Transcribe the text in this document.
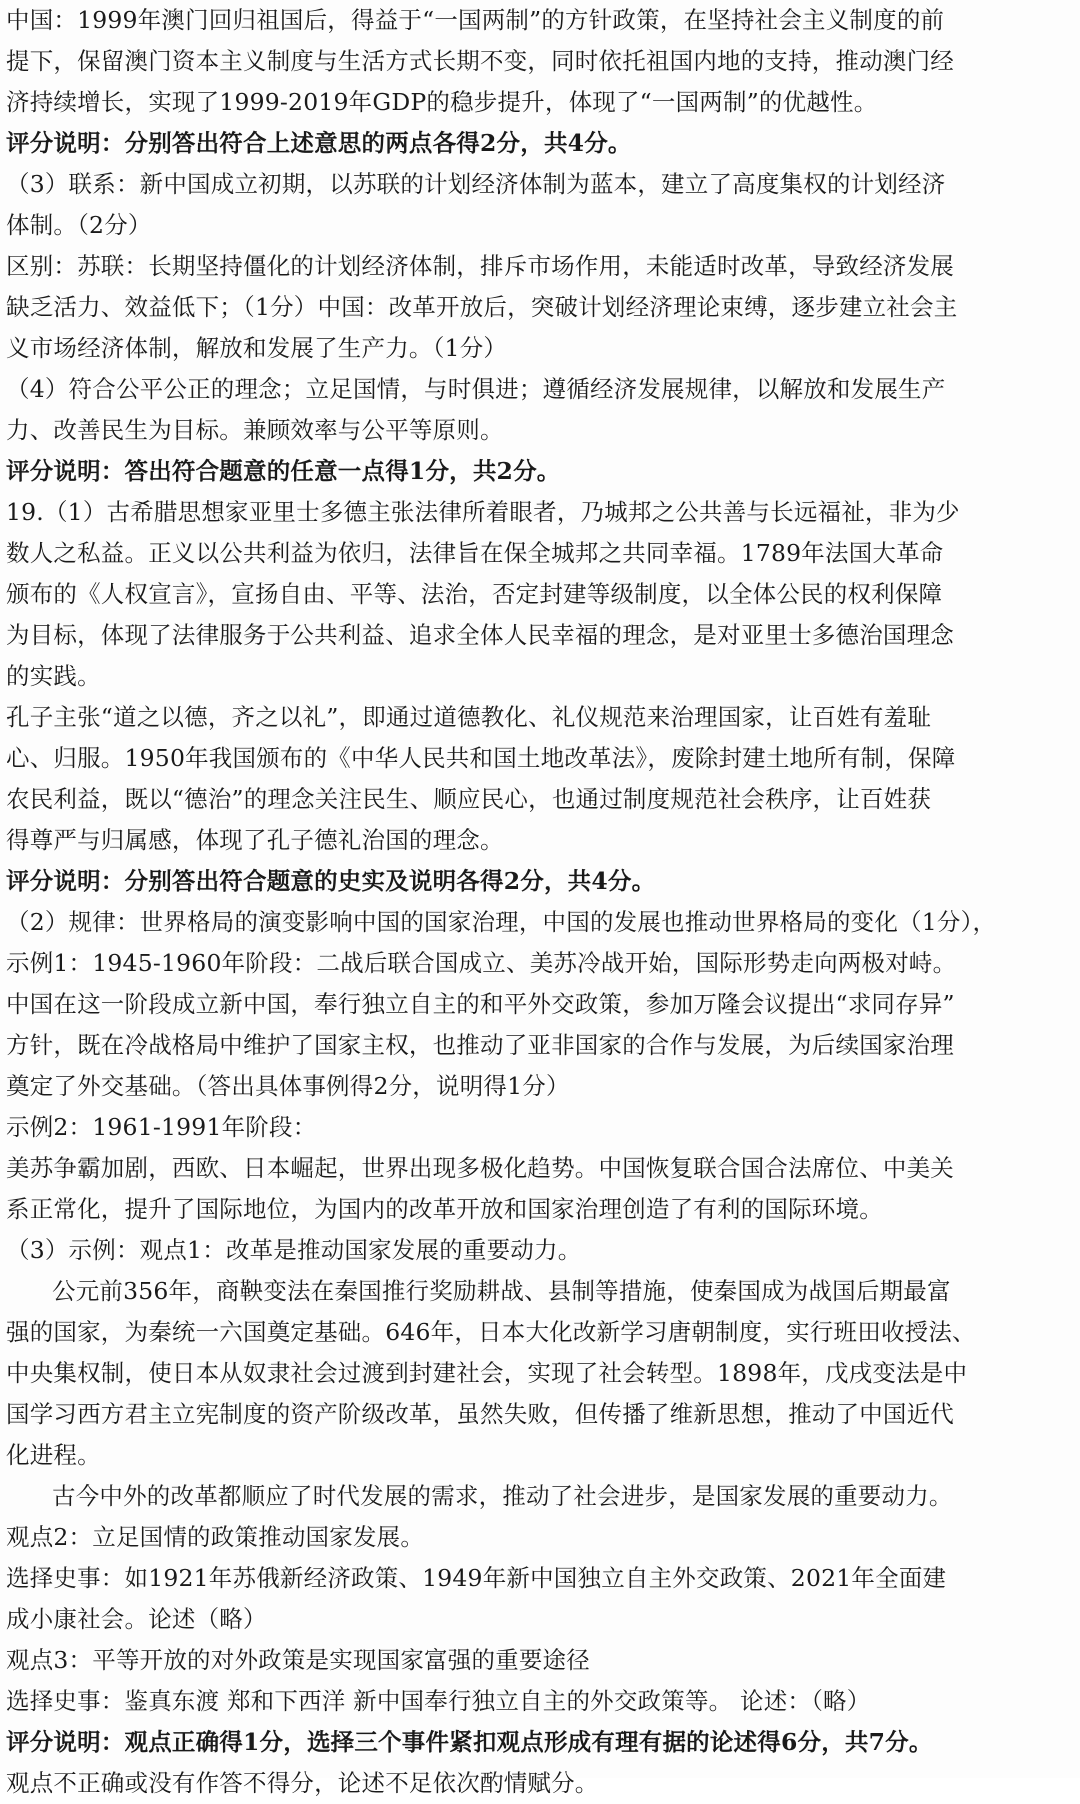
中国：1999年澳门回归祖国后，得益于“一国两制”的方针政策，在坚持社会主义制度的前
提下，保留澳门资本主义制度与生活方式长期不变，同时依托祖国内地的支持，推动澳门经
济持续增长，实现了1999-2019年GDP的稳步提升，体现了“一国两制”的优越性。
评分说明：分别答出符合上述意思的两点各得2分，共4分。
（3）联系：新中国成立初期，以苏联的计划经济体制为蓝本，建立了高度集权的计划经济
体制。（2分）
区别：苏联：长期坚持僵化的计划经济体制，排斥市场作用，未能适时改革，导致经济发展
缺乏活力、效益低下；（1分）中国：改革开放后，突破计划经济理论束缚，逐步建立社会主
义市场经济体制，解放和发展了生产力。（1分）
（4）符合公平公正的理念；立足国情，与时俱进；遵循经济发展规律，以解放和发展生产
力、改善民生为目标。兼顾效率与公平等原则。
评分说明：答出符合题意的任意一点得1分，共2分。
19.（1）古希腊思想家亚里士多德主张法律所着眼者，乃城邦之公共善与长远福祉，非为少
数人之私益。正义以公共利益为依归，法律旨在保全城邦之共同幸福。1789年法国大革命
颁布的《人权宣言》，宣扬自由、平等、法治，否定封建等级制度，以全体公民的权利保障
为目标，体现了法律服务于公共利益、追求全体人民幸福的理念，是对亚里士多德治国理念
的实践。
孔子主张“道之以德，齐之以礼”，即通过道德教化、礼仪规范来治理国家，让百姓有羞耻
心、归服。1950年我国颁布的《中华人民共和国土地改革法》，废除封建土地所有制，保障
农民利益，既以“德治”的理念关注民生、顺应民心，也通过制度规范社会秩序，让百姓获
得尊严与归属感，体现了孔子德礼治国的理念。
评分说明：分别答出符合题意的史实及说明各得2分，共4分。
（2）规律：世界格局的演变影响中国的国家治理，中国的发展也推动世界格局的变化（1分），
示例1：1945-1960年阶段：二战后联合国成立、美苏冷战开始，国际形势走向两极对峙。
中国在这一阶段成立新中国，奉行独立自主的和平外交政策，参加万隆会议提出“求同存异”
方针，既在冷战格局中维护了国家主权，也推动了亚非国家的合作与发展，为后续国家治理
奠定了外交基础。（答出具体事例得2分，说明得1分）
示例2：1961-1991年阶段：
美苏争霸加剧，西欧、日本崛起，世界出现多极化趋势。中国恢复联合国合法席位、中美关
系正常化，提升了国际地位，为国内的改革开放和国家治理创造了有利的国际环境。
（3）示例：观点1：改革是推动国家发展的重要动力。
公元前356年，商鞅变法在秦国推行奖励耕战、县制等措施，使秦国成为战国后期最富
强的国家，为秦统一六国奠定基础。646年，日本大化改新学习唐朝制度，实行班田收授法、
中央集权制，使日本从奴隶社会过渡到封建社会，实现了社会转型。1898年，戊戌变法是中
国学习西方君主立宪制度的资产阶级改革，虽然失败，但传播了维新思想，推动了中国近代
化进程。
古今中外的改革都顺应了时代发展的需求，推动了社会进步，是国家发展的重要动力。
观点2：立足国情的政策推动国家发展。
选择史事：如1921年苏俄新经济政策、1949年新中国独立自主外交政策、2021年全面建
成小康社会。论述（略）
观点3：平等开放的对外政策是实现国家富强的重要途径
选择史事：鉴真东渡 郑和下西洋 新中国奉行独立自主的外交政策等。 论述：（略）
评分说明：观点正确得1分，选择三个事件紧扣观点形成有理有据的论述得6分，共7分。
观点不正确或没有作答不得分，论述不足依次酌情赋分。
